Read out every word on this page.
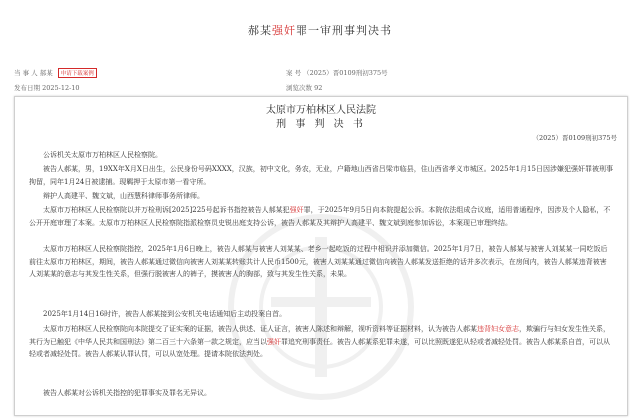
郝某强奸罪一审刑事判决书
当 事 人 郝某 申请下载案例
发布日期 2025-12-10
案 号 （2025）晋0109刑初375号
浏览次数 92
太原市万柏林区人民法院
刑 事 判 决 书
（2025）晋0109刑初375号
公诉机关太原市万柏林区人民检察院。
被告人郝某，男，19XX年X月X日出生，公民身份号码XXXX，汉族，初中文化，务农，无业，户籍地山西省吕梁市临县，住山西省孝义市城区。2025年1月15日因涉嫌犯强奸罪被刑事拘留，同年1月24日被逮捕。现羁押于太原市第一看守所。
辩护人高建平、魏文斌，山西慧科律师事务所律师。
太原市万柏林区人民检察院以并万检刑诉[2025]225号起诉书指控被告人郝某犯强奸罪，于2025年9月5日向本院提起公诉。本院依法组成合议庭，适用普通程序，因涉及个人隐私，不公开开庭审理了本案。太原市万柏林区人民检察院指派检察员史锐出庭支持公诉，被告人郝某及其辩护人高建平、魏文斌到庭参加诉讼，本案现已审理终结。
太原市万柏林区人民检察院指控，2025年1月6日晚上，被告人郝某与被害人刘某某、老乡一起吃饭的过程中相识并添加微信。2025年1月7日，被告人郝某与被害人刘某某一同吃饭后前往太原市万柏林区，期间，被告人郝某通过微信向被害人刘某某转账共计人民币1500元，被害人刘某某通过微信向被告人郝某发送拒绝的话并多次表示，在房间内，被告人郝某违背被害人刘某某的意志与其发生性关系，但强行脱被害人的裤子，摸被害人的胸部，致与其发生性关系，未果。
2025年1月14日16时许，被告人郝某接到公安机关电话通知后主动投案自首。
太原市万柏林区人民检察院向本院提交了证实案的证据，被告人供述、证人证言，被害人陈述和辩解，视听资料等证据材料，认为被告人郝某违背妇女意志，欺骗行与妇女发生性关系，其行为已触犯《中华人民共和国刑法》第二百三十六条第一款之规定，应当以强奸罪追究刑事责任。被告人郝某系犯罪未遂，可以比照既遂犯从轻或者减轻处罚。被告人郝某系自首，可以从轻或者减轻处罚。被告人郝某认罪认罚，可以从宽处理。提请本院依法判处。
被告人郝某对公诉机关指控的犯罪事实及罪名无异议。
